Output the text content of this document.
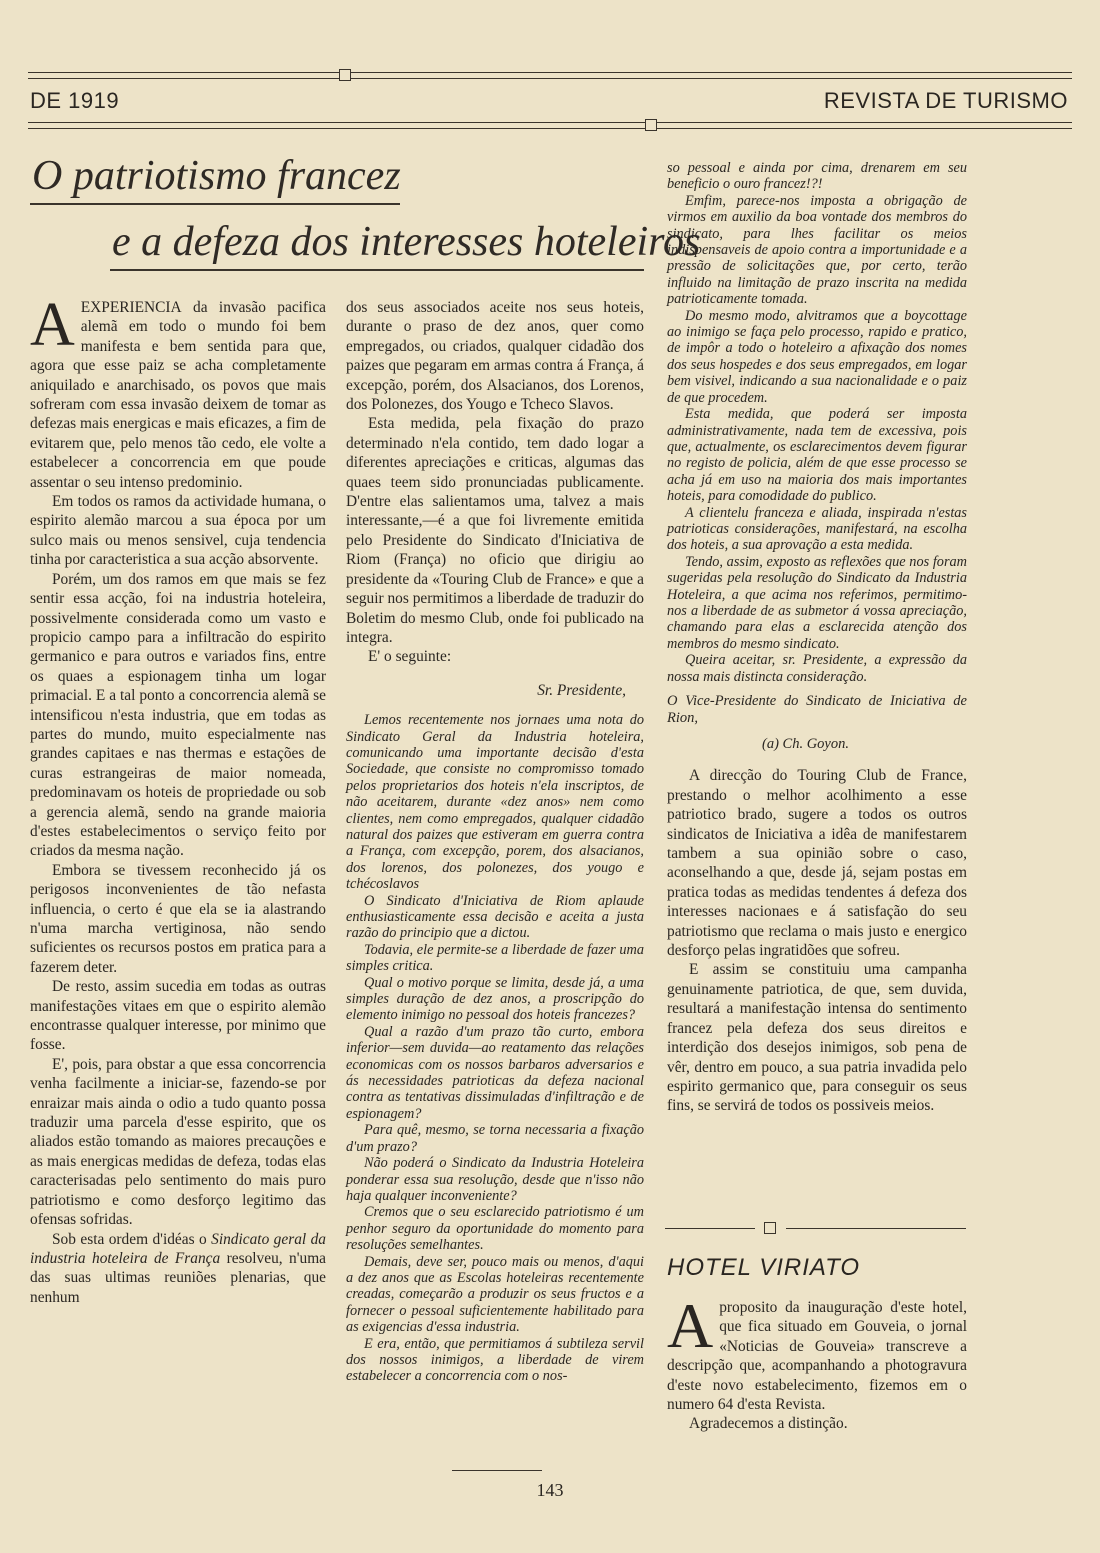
DE 1919	REVISTA DE TURISMO
O patriotismo francez
e a defeza dos interesses hoteleiros

AEXPERIENCIA da invasão pacifica alemã em todo o mundo foi bem manifesta e bem sentida para que, agora que esse paiz se acha completamente aniquilado e anarchisado, os povos que mais sofreram com essa invasão deixem de tomar as defezas mais energicas e mais eficazes, a fim de evitarem que, pelo menos tão cedo, ele volte a estabelecer a concorrencia em que poude assentar o seu intenso predominio.

Em todos os ramos da actividade humana, o espirito alemão marcou a sua época por um sulco mais ou menos sensivel, cuja tendencia tinha por caracteristica a sua acção absorvente.

Porém, um dos ramos em que mais se fez sentir essa acção, foi na industria hoteleira, possivelmente considerada como um vasto e propicio campo para a infiltracão do espirito germanico e para outros e variados fins, entre os quaes a espionagem tinha um logar primacial. E a tal ponto a concorrencia alemã se intensificou n'esta industria, que em todas as partes do mundo, muito especialmente nas grandes capitaes e nas thermas e estações de curas estrangeiras de maior nomeada, predominavam os hoteis de propriedade ou sob a gerencia alemã, sendo na grande maioria d'estes estabelecimentos o serviço feito por criados da mesma nação.

Embora se tivessem reconhecido já os perigosos inconvenientes de tão nefasta influencia, o certo é que ela se ia alastrando n'uma marcha vertiginosa, não sendo suficientes os recursos postos em pratica para a fazerem deter.

De resto, assim sucedia em todas as outras manifestações vitaes em que o espirito alemão encontrasse qualquer interesse, por minimo que fosse.

E', pois, para obstar a que essa concorrencia venha facilmente a iniciar-se, fazendo-se por enraizar mais ainda o odio a tudo quanto possa traduzir uma parcela d'esse espirito, que os aliados estão tomando as maiores precauções e as mais energicas medidas de defeza, todas elas caracterisadas pelo sentimento do mais puro patriotismo e como desforço legitimo das ofensas sofridas.

Sob esta ordem d'idéas o Sindicato geral da industria hoteleira de França resolveu, n'uma das suas ultimas reuniões plenarias, que nenhum

dos seus associados aceite nos seus hoteis, durante o praso de dez anos, quer como empregados, ou criados, qualquer cidadão dos paizes que pegaram em armas contra á França, á excepção, porém, dos Alsacianos, dos Lorenos, dos Polonezes, dos Yougo e Tcheco Slavos.

Esta medida, pela fixação do prazo determinado n'ela contido, tem dado logar a diferentes apreciações e criticas, algumas das quaes teem sido pronunciadas publicamente. D'entre elas salientamos uma, talvez a mais interessante,—é a que foi livremente emitida pelo Presidente do Sindicato d'Iniciativa de Riom (França) no oficio que dirigiu ao presidente da «Touring Club de France» e que a seguir nos permitimos a liberdade de traduzir do Boletim do mesmo Club, onde foi publicado na integra.

E' o seguinte:

Sr. Presidente,

Lemos recentemente nos jornaes uma nota do Sindicato Geral da Industria hoteleira, comunicando uma importante decisão d'esta Sociedade, que consiste no compromisso tomado pelos proprietarios dos hoteis n'ela inscriptos, de não aceitarem, durante «dez anos» nem como clientes, nem como empregados, qualquer cidadão natural dos paizes que estiveram em guerra contra a França, com excepção, porem, dos alsacianos, dos lorenos, dos polonezes, dos yougo e tchécoslavos

O Sindicato d'Iniciativa de Riom aplaude enthusiasticamente essa decisão e aceita a justa razão do principio que a dictou.

Todavia, ele permite-se a liberdade de fazer uma simples critica.

Qual o motivo porque se limita, desde já, a uma simples duração de dez anos, a proscripção do elemento inimigo no pessoal dos hoteis francezes?

Qual a razão d'um prazo tão curto, embora inferior—sem duvida—ao reatamento das relações economicas com os nossos barbaros adversarios e ás necessidades patrioticas da defeza nacional contra as tentativas dissimuladas d'infiltração e de espionagem?

Para quê, mesmo, se torna necessaria a fixação d'um prazo?

Não poderá o Sindicato da Industria Hoteleira ponderar essa sua resolução, desde que n'isso não haja qualquer inconveniente?

Cremos que o seu esclarecido patriotismo é um penhor seguro da oportunidade do momento para resoluções semelhantes.

Demais, deve ser, pouco mais ou menos, d'aqui a dez anos que as Escolas hoteleiras recentemente creadas, começarão a produzir os seus fructos e a fornecer o pessoal suficientemente habilitado para as exigencias d'essa industria.

E era, então, que permitiamos á subtileza servil dos nossos inimigos, a liberdade de virem estabelecer a concorrencia com o nos-

so pessoal e ainda por cima, drenarem em seu beneficio o ouro francez!?!

Emfim, parece-nos imposta a obrigação de virmos em auxilio da boa vontade dos membros do sindicato, para lhes facilitar os meios indispensaveis de apoio contra a importunidade e a pressão de solicitações que, por certo, terão influido na limitação de prazo inscrita na medida patrioticamente tomada.

Do mesmo modo, alvitramos que a boycottage ao inimigo se faça pelo processo, rapido e pratico, de impôr a todo o hoteleiro a afixação dos nomes dos seus hospedes e dos seus empregados, em logar bem visivel, indicando a sua nacionalidade e o paiz de que procedem.

Esta medida, que poderá ser imposta administrativamente, nada tem de excessiva, pois que, actualmente, os esclarecimentos devem figurar no registo de policia, além de que esse processo se acha já em uso na maioria dos mais importantes hoteis, para comodidade do publico.

A clientelu franceza e aliada, inspirada n'estas patrioticas considerações, manifestará, na escolha dos hoteis, a sua aprovação a esta medida.

Tendo, assim, exposto as reflexões que nos foram sugeridas pela resolução do Sindicato da Industria Hoteleira, a que acima nos referimos, permitimo-nos a liberdade de as submetor á vossa apreciação, chamando para elas a esclarecida atenção dos membros do mesmo sindicato.

Queira aceitar, sr. Presidente, a expressão da nossa mais distincta consideração.

O Vice-Presidente do Sindicato de Iniciativa de Rion,
(a) Ch. Goyon.

A direcção do Touring Club de France, prestando o melhor acolhimento a esse patriotico brado, sugere a todos os outros sindicatos de Iniciativa a idêa de manifestarem tambem a sua opinião sobre o caso, aconselhando a que, desde já, sejam postas em pratica todas as medidas tendentes á defeza dos interesses nacionaes e á satisfação do seu patriotismo que reclama o mais justo e energico desforço pelas ingratidões que sofreu.

E assim se constituiu uma campanha genuinamente patriotica, de que, sem duvida, resultará a manifestação intensa do sentimento francez pela defeza dos seus direitos e interdição dos desejos inimigos, sob pena de vêr, dentro em pouco, a sua patria invadida pelo espirito germanico que, para conseguir os seus fins, se servirá de todos os possiveis meios.

HOTEL VIRIATO

Aproposito da inauguração d'este hotel, que fica situado em Gouveia, o jornal «Noticias de Gouveia» transcreve a descripção que, acompanhando a photogravura d'este novo estabelecimento, fizemos em o numero 64 d'esta Revista.

Agradecemos a distinção.

143
